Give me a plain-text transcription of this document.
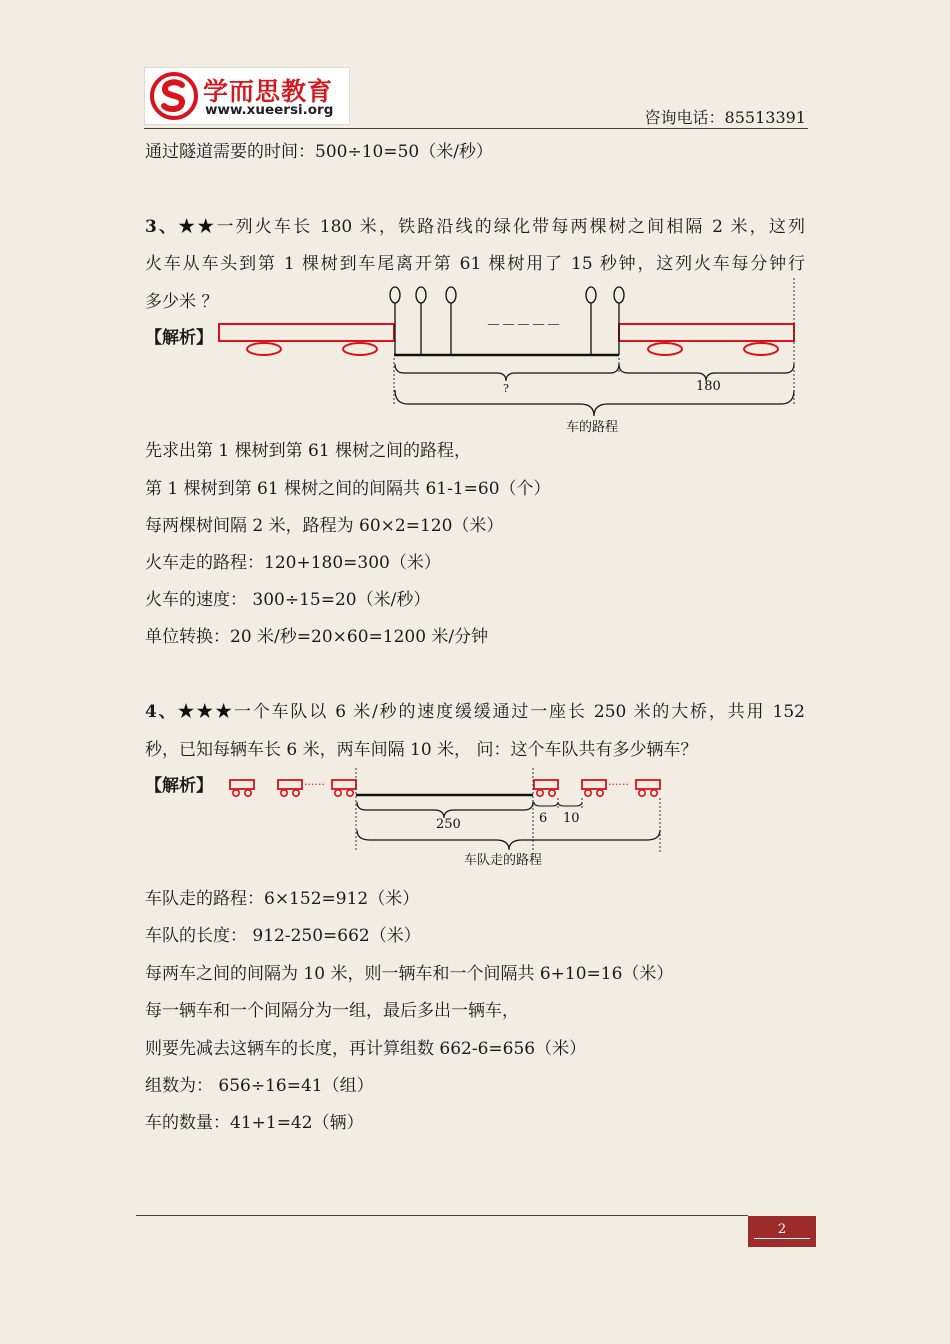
学而思教育
www.xueersi.org	咨询电话：85513391
通过隧道需要的时间：500÷10=50（米/秒）
3、★★一列火车长 180 米，铁路沿线的绿化带每两棵树之间相隔 2 米，这列
火车从车头到第 1 棵树到车尾离开第 61 棵树用了 15 秒钟，这列火车每分钟行
多少米 ？
【解析】
－－－－－
?	180
车的路程
先求出第 1 棵树到第 61 棵树之间的路程，
第 1 棵树到第 61 棵树之间的间隔共 61-1=60（个）
每两棵树间隔 2 米，路程为 60×2=120（米）
火车走的路程：120+180=300（米）
火车的速度： 300÷15=20（米/秒）
单位转换：20 米/秒=20×60=1200 米/分钟
4、★★★一个车队以 6 米/秒的速度缓缓通过一座长 250 米的大桥，共用 152
秒，已知每辆车长 6 米，两车间隔 10 米， 问：这个车队共有多少辆车？
【解析】	······	······
250	6 10
车队走的路程
车队走的路程：6×152=912（米）
车队的长度： 912-250=662（米）
每两车之间的间隔为 10 米，则一辆车和一个间隔共 6+10=16（米）
每一辆车和一个间隔分为一组，最后多出一辆车，
则要先减去这辆车的长度，再计算组数 662-6=656（米）
组数为： 656÷16=41（组）
车的数量：41+1=42（辆）
2
